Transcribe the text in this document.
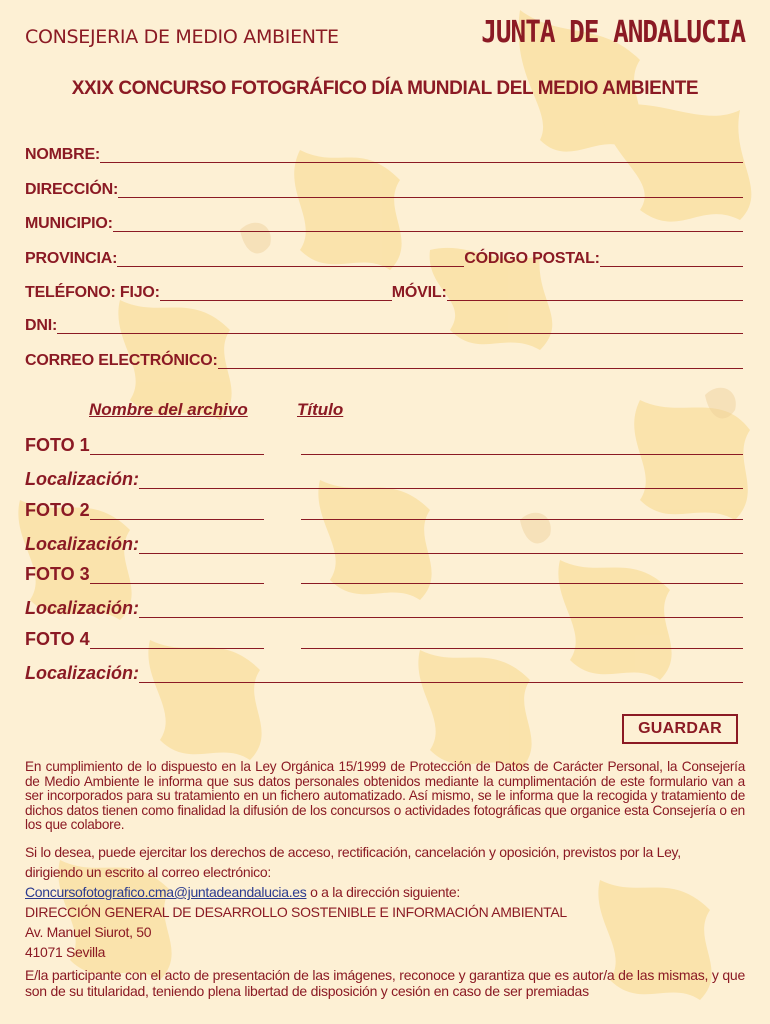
CONSEJERIA DE MEDIO AMBIENTE	JUNTA DE ANDALUCIA
XXIX CONCURSO FOTOGRÁFICO DÍA MUNDIAL DEL MEDIO AMBIENTE
NOMBRE:
DIRECCIÓN:
MUNICIPIO:
PROVINCIA:	CÓDIGO POSTAL:
TELÉFONO: FIJO:	MÓVIL:
DNI:
CORREO ELECTRÓNICO:
Nombre del archivo	Título
FOTO 1
Localización:
FOTO 2
Localización:
FOTO 3
Localización:
FOTO 4
Localización:
GUARDAR
En cumplimiento de lo dispuesto en la Ley Orgánica 15/1999 de Protección de Datos de Carácter Personal, la Consejería de Medio Ambiente le informa que sus datos personales obtenidos mediante la cumplimentación de este formulario van a ser incorporados para su tratamiento en un fichero automatizado. Así mismo, se le informa que la recogida y tratamiento de dichos datos tienen como finalidad la difusión de los concursos o actividades fotográficas que organice esta Consejería o en los que colabore.
Si lo desea, puede ejercitar los derechos de acceso, rectificación, cancelación y oposición, previstos por la Ley,
dirigiendo un escrito al correo electrónico:
Concursofotografico.cma@juntadeandalucia.es o a la dirección siguiente:
DIRECCIÓN GENERAL DE DESARROLLO SOSTENIBLE E INFORMACIÓN AMBIENTAL
Av. Manuel Siurot, 50
41071 Sevilla
E/la participante con el acto de presentación de las imágenes, reconoce y garantiza que es autor/a de las mismas, y que son de su titularidad, teniendo plena libertad de disposición y cesión en caso de ser premiadas
